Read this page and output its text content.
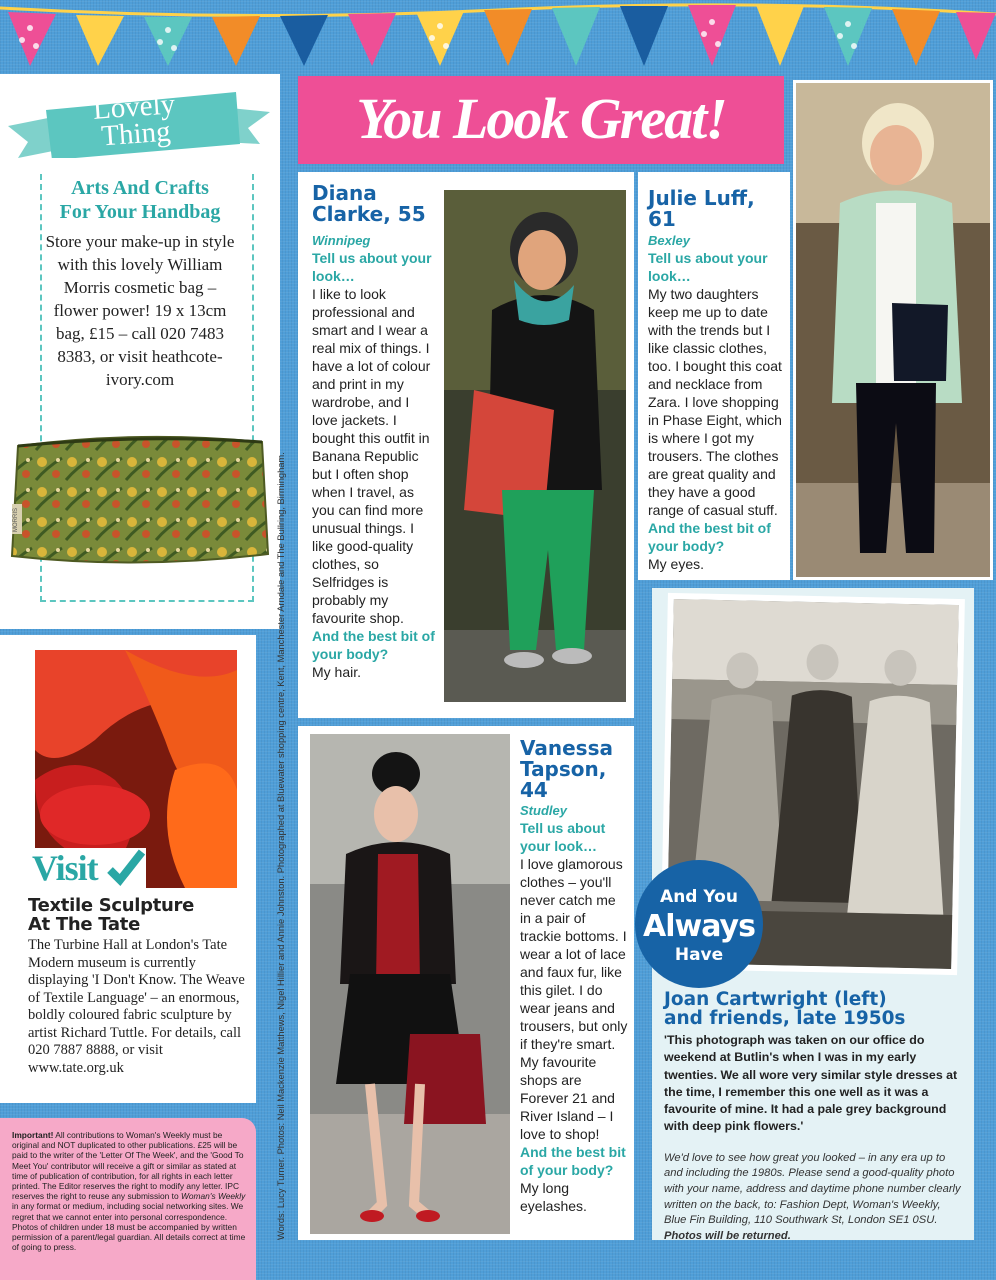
Lovely
Thing
Arts And Crafts
For Your Handbag
Store your make-up in style with this lovely William Morris cosmetic bag – flower power! 19 x 13cm bag, £15 – call 020 7483 8383, or visit heathcote-ivory.com
MORRIS
Textile Sculpture
At The Tate
The Turbine Hall at London's Tate Modern museum is currently displaying 'I Don't Know. The Weave of Textile Language' – an enormous, boldly coloured fabric sculpture by artist Richard Tuttle. For details, call 020 7887 8888, or visit www.tate.org.uk
Visit

Important! All contributions to Woman's Weekly must be original and NOT duplicated to other publications. £25 will be paid to the writer of the 'Letter Of The Week', and the 'Good To Meet You' contributor will receive a gift or similar as stated at time of publication of contribution, for all rights in each letter printed. The Editor reserves the right to modify any letter. IPC reserves the right to reuse any submission to Woman's Weekly in any format or medium, including social networking sites. We regret that we cannot enter into personal correspondence. Photos of children under 18 must be accompanied by written permission of a parent/legal guardian. All details correct at time of going to press.

Words: Lucy Turner. Photos: Neil Mackenzie Matthews, Nigel Hillier and Annie Johnston. Photographed at Bluewater shopping centre, Kent, Manchester Arndale and The Bullring, Birmingham.
You Look Great!
Diana
Clarke, 55
Winnipeg
Tell us about your look…
I like to look professional and smart and I wear a real mix of things. I have a lot of colour and print in my wardrobe, and I love jackets. I bought this outfit in Banana Republic but I often shop when I travel, as you can find more unusual things. I like good-quality clothes, so Selfridges is probably my favourite shop.
And the best bit of your body?
My hair.
Julie Luff, 61
Bexley
Tell us about your look…
My two daughters keep me up to date with the trends but I like classic clothes, too. I bought this coat and necklace from Zara. I love shopping in Phase Eight, which is where I got my trousers. The clothes are great quality and they have a good range of casual stuff.
And the best bit of your body?
My eyes.
Vanessa
Tapson,
44
Studley
Tell us about your look…
I love glamorous clothes – you'll never catch me in a pair of trackie bottoms. I wear a lot of lace and faux fur, like this gilet. I do wear jeans and trousers, but only if they're smart. My favourite shops are Forever 21 and River Island – I love to shop!
And the best bit of your body?
My long eyelashes.
And You
Always
Have
Joan Cartwright (left)
and friends, late 1950s
'This photograph was taken on our office do weekend at Butlin's when I was in my early twenties. We all wore very similar style dresses at the time, I remember this one well as it was a favourite of mine. It had a pale grey background with deep pink flowers.'
We'd love to see how great you looked – in any era up to and including the 1980s. Please send a good-quality photo with your name, address and daytime phone number clearly written on the back, to: Fashion Dept, Woman's Weekly, Blue Fin Building, 110 Southwark St, London SE1 0SU. Photos will be returned.
